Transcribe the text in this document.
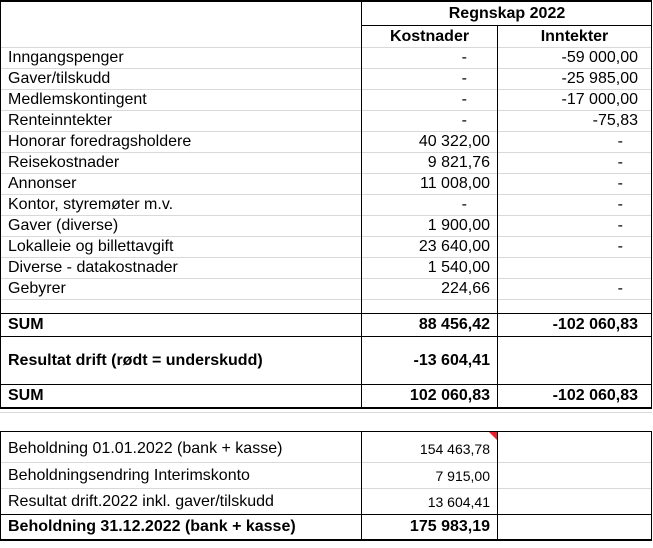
Regnskap 2022
Kostnader	Inntekter
Inngangspenger	-	-59 000,00
Gaver/tilskudd	-	-25 985,00
Medlemskontingent	-	-17 000,00
Renteinntekter	-	-75,83
Honorar foredragsholdere	40 322,00	-
Reisekostnader	9 821,76	-
Annonser	11 008,00	-
Kontor, styremøter m.v.	-	-
Gaver (diverse)	1 900,00	-
Lokalleie og billettavgift	23 640,00	-
Diverse - datakostnader	1 540,00
Gebyrer	224,66	-
SUM	88 456,42	-102 060,83
Resultat drift (rødt = underskudd)	-13 604,41
SUM	102 060,83	-102 060,83
Beholdning 01.01.2022 (bank + kasse)	154 463,78
Beholdningsendring Interimskonto	7 915,00
Resultat drift.2022 inkl. gaver/tilskudd	13 604,41
Beholdning 31.12.2022 (bank + kasse)	175 983,19
